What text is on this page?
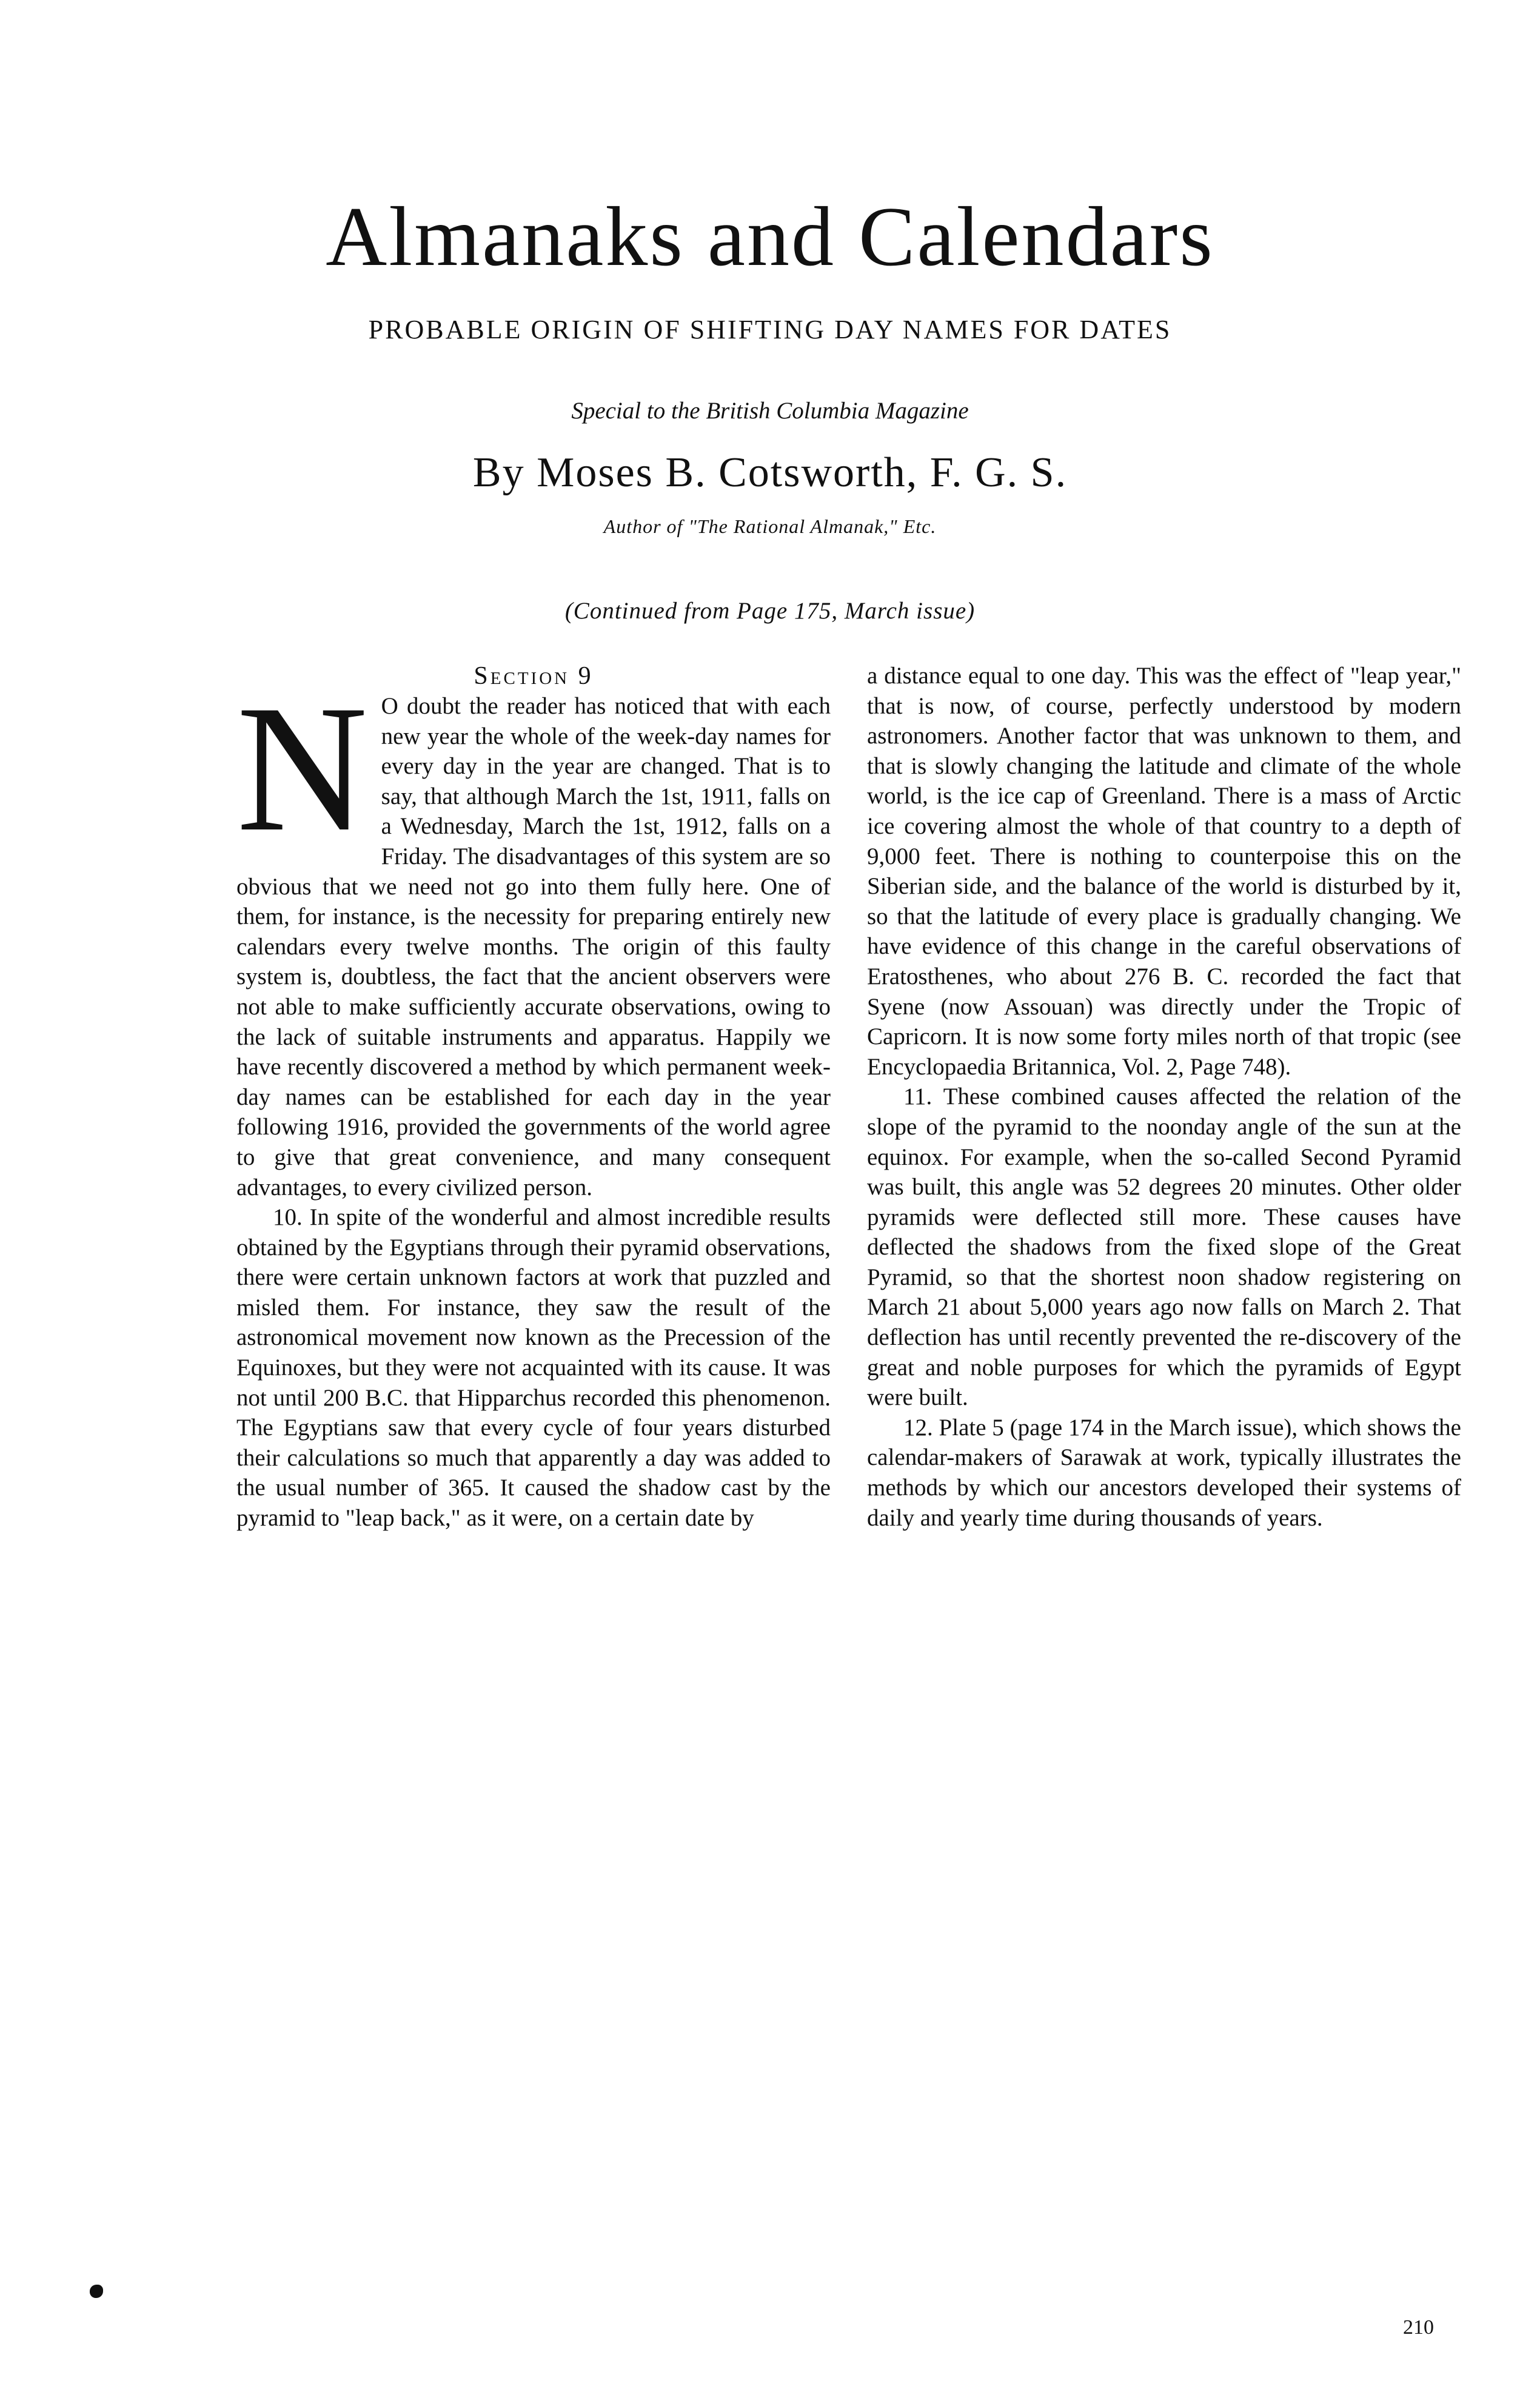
Almanaks and Calendars

PROBABLE ORIGIN OF SHIFTING DAY NAMES FOR DATES

Special to the British Columbia Magazine

By Moses B. Cotsworth, F. G. S.

Author of "The Rational Almanak," Etc.

(Continued from Page 175, March issue)

Section 9

N O doubt the reader has noticed that with each new year the whole of the week-day names for every day in the year are changed. That is to say, that although March the 1st, 1911, falls on a Wednesday, March the 1st, 1912, falls on a Friday. The disadvantages of this system are so obvious that we need not go into them fully here. One of them, for instance, is the necessity for preparing entirely new calendars every twelve months. The origin of this faulty system is, doubtless, the fact that the ancient observers were not able to make sufficiently accurate observations, owing to the lack of suitable instruments and apparatus. Happily we have recently discovered a method by which permanent week-day names can be established for each day in the year following 1916, provided the governments of the world agree to give that great convenience, and many consequent advantages, to every civilized person.

10. In spite of the wonderful and almost incredible results obtained by the Egyptians through their pyramid observations, there were certain unknown factors at work that puzzled and misled them. For instance, they saw the result of the astronomical movement now known as the Precession of the Equinoxes, but they were not acquainted with its cause. It was not until 200 B.C. that Hipparchus recorded this phenomenon. The Egyptians saw that every cycle of four years disturbed their calculations so much that apparently a day was added to the usual number of 365. It caused the shadow cast by the pyramid to "leap back," as it were, on a certain date by

a distance equal to one day. This was the effect of "leap year," that is now, of course, perfectly understood by modern astronomers. Another factor that was unknown to them, and that is slowly changing the latitude and climate of the whole world, is the ice cap of Greenland. There is a mass of Arctic ice covering almost the whole of that country to a depth of 9,000 feet. There is nothing to counterpoise this on the Siberian side, and the balance of the world is disturbed by it, so that the latitude of every place is gradually changing. We have evidence of this change in the careful observations of Eratosthenes, who about 276 B. C. recorded the fact that Syene (now Assouan) was directly under the Tropic of Capricorn. It is now some forty miles north of that tropic (see Encyclopaedia Britannica, Vol. 2, Page 748).

11. These combined causes affected the relation of the slope of the pyramid to the noonday angle of the sun at the equinox. For example, when the so-called Second Pyramid was built, this angle was 52 degrees 20 minutes. Other older pyramids were deflected still more. These causes have deflected the shadows from the fixed slope of the Great Pyramid, so that the shortest noon shadow registering on March 21 about 5,000 years ago now falls on March 2. That deflection has until recently prevented the re-discovery of the great and noble purposes for which the pyramids of Egypt were built.

12. Plate 5 (page 174 in the March issue), which shows the calendar-makers of Sarawak at work, typically illustrates the methods by which our ancestors developed their systems of daily and yearly time during thousands of years.

210
